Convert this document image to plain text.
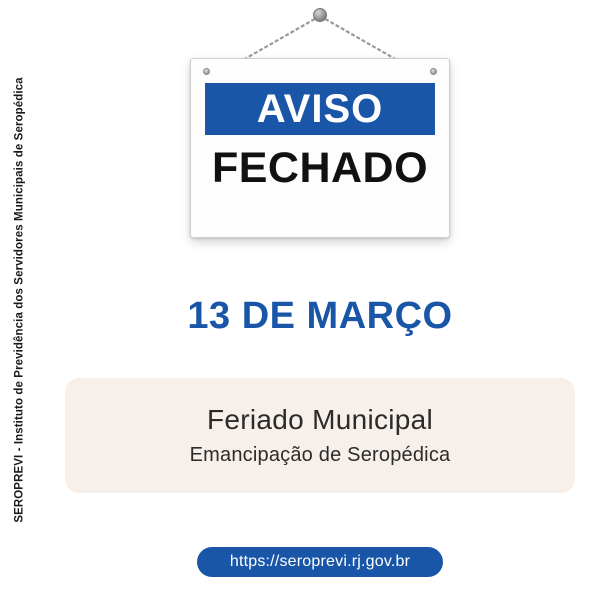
SEROPREVI - Instituto de Previdência dos Servidores Municipais de Seropédica	AVISO
FECHADO
13 DE MARÇO
Feriado Municipal
Emancipação de Seropédica
https://seroprevi.rj.gov.br
